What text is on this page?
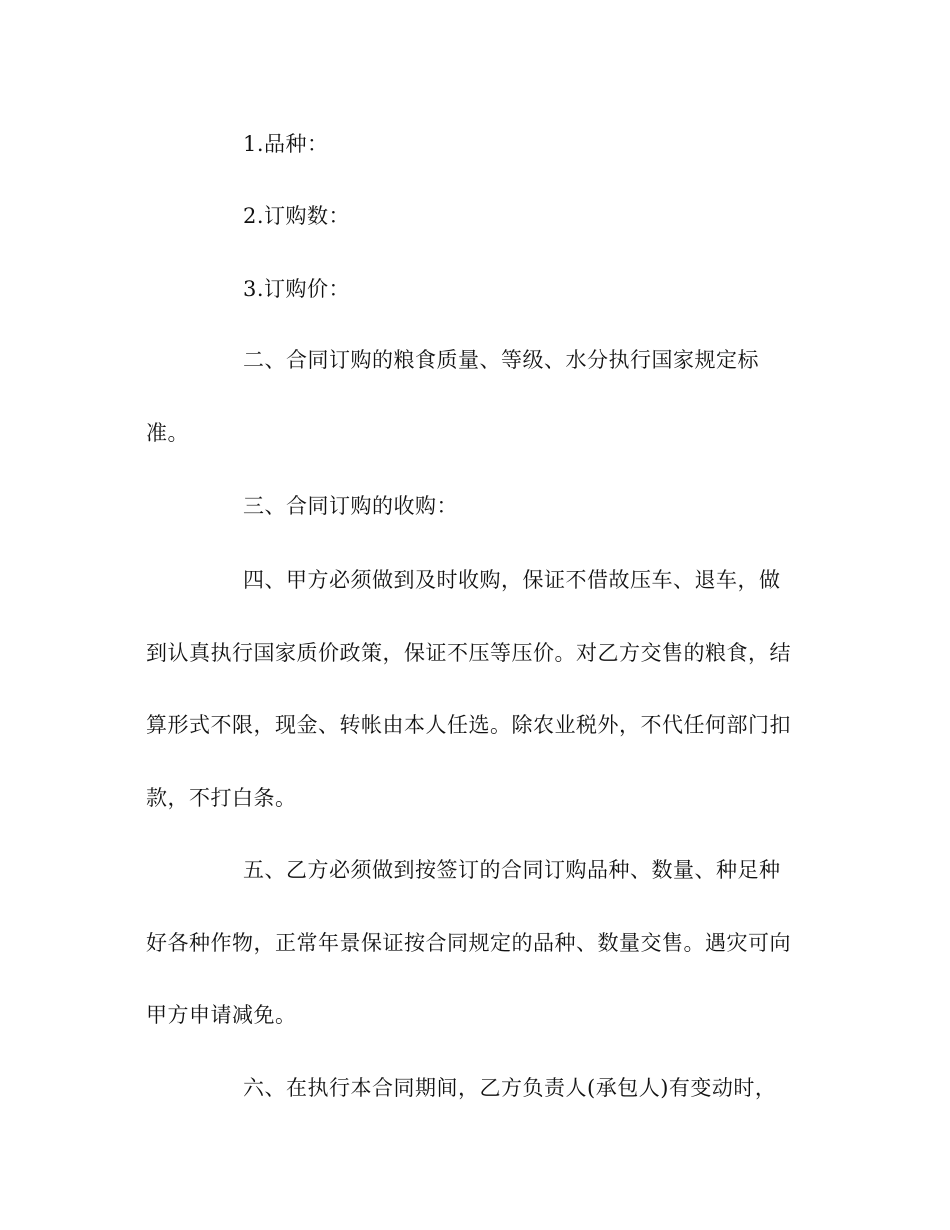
1.品种：
2.订购数：
3.订购价：
二、合同订购的粮食质量、等级、水分执行国家规定标
准。
三、合同订购的收购：
四、甲方必须做到及时收购，保证不借故压车、退车，做
到认真执行国家质价政策，保证不压等压价。对乙方交售的粮食，结
算形式不限，现金、转帐由本人任选。除农业税外，不代任何部门扣
款，不打白条。
五、乙方必须做到按签订的合同订购品种、数量、种足种
好各种作物，正常年景保证按合同规定的品种、数量交售。遇灾可向
甲方申请减免。
六、在执行本合同期间，乙方负责人(承包人)有变动时，
